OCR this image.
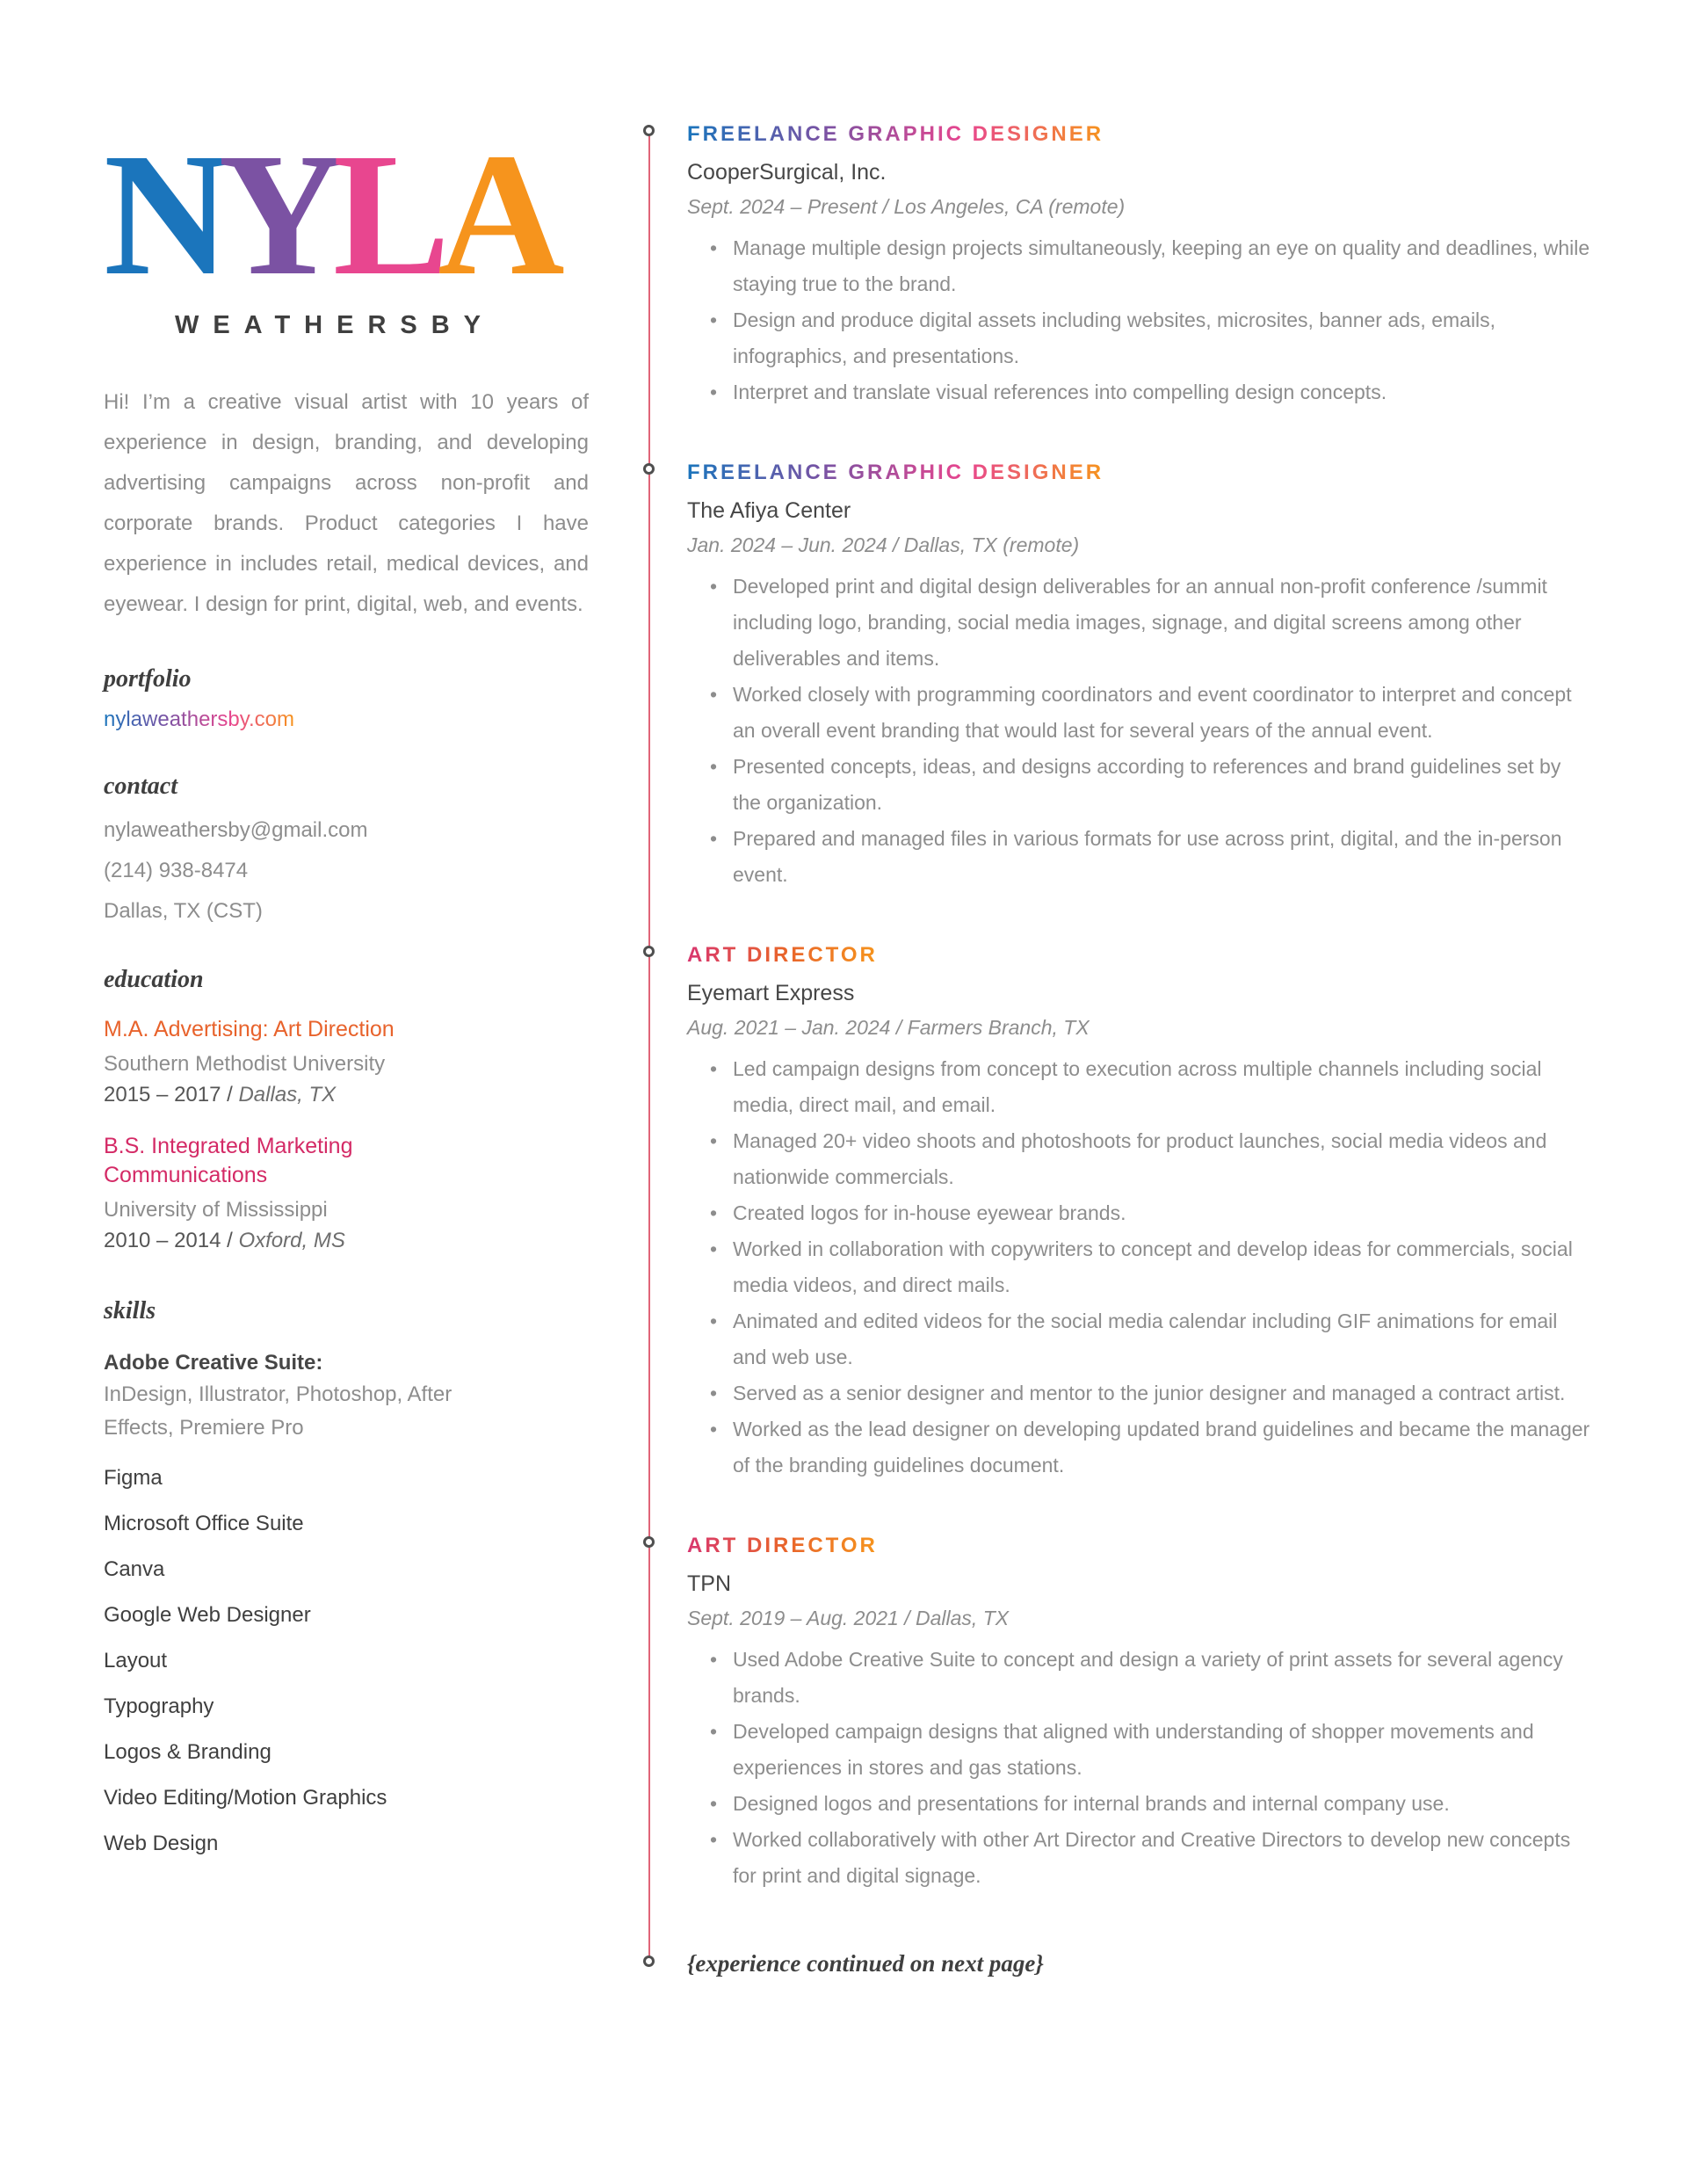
NYLA
WEATHERSBY

Hi! I’m a creative visual artist with 10 years of experience in design, branding, and developing advertising campaigns across non-profit and corporate brands. Product categories I have experience in includes retail, medical devices, and eyewear. I design for print, digital, web, and events.

portfolio
nylaweathersby.com
contact
nylaweathersby@gmail.com
(214) 938-8474
Dallas, TX (CST)
education
M.A. Advertising: Art Direction
Southern Methodist University
2015 – 2017 / Dallas, TX
B.S. Integrated Marketing Communications
University of Mississippi
2010 – 2014 / Oxford, MS
skills
Adobe Creative Suite:
InDesign, Illustrator, Photoshop, After Effects, Premiere Pro
Figma
Microsoft Office Suite
Canva
Google Web Designer
Layout
Typography
Logos & Branding
Video Editing/Motion Graphics
Web Design
FREELANCE GRAPHIC DESIGNER
CooperSurgical, Inc.
Sept. 2024 – Present / Los Angeles, CA (remote)
• Manage multiple design projects simultaneously, keeping an eye on quality and deadlines, while staying true to the brand.
• Design and produce digital assets including websites, microsites, banner ads, emails, infographics, and presentations.
• Interpret and translate visual references into compelling design concepts.
FREELANCE GRAPHIC DESIGNER
The Afiya Center
Jan. 2024 – Jun. 2024 / Dallas, TX (remote)
• Developed print and digital design deliverables for an annual non-profit conference /summit including logo, branding, social media images, signage, and digital screens among other deliverables and items.
• Worked closely with programming coordinators and event coordinator to interpret and concept an overall event branding that would last for several years of the annual event.
• Presented concepts, ideas, and designs according to references and brand guidelines set by the organization.
• Prepared and managed files in various formats for use across print, digital, and the in-person event.
ART DIRECTOR
Eyemart Express
Aug. 2021 – Jan. 2024 / Farmers Branch, TX
• Led campaign designs from concept to execution across multiple channels including social media, direct mail, and email.
• Managed 20+ video shoots and photoshoots for product launches, social media videos and nationwide commercials.
• Created logos for in-house eyewear brands.
• Worked in collaboration with copywriters to concept and develop ideas for commercials, social media videos, and direct mails.
• Animated and edited videos for the social media calendar including GIF animations for email and web use.
• Served as a senior designer and mentor to the junior designer and managed a contract artist.
• Worked as the lead designer on developing updated brand guidelines and became the manager of the branding guidelines document.
ART DIRECTOR
TPN
Sept. 2019 – Aug. 2021 / Dallas, TX
• Used Adobe Creative Suite to concept and design a variety of print assets for several agency brands.
• Developed campaign designs that aligned with understanding of shopper movements and experiences in stores and gas stations.
• Designed logos and presentations for internal brands and internal company use.
• Worked collaboratively with other Art Director and Creative Directors to develop new concepts for print and digital signage.
{experience continued on next page}
